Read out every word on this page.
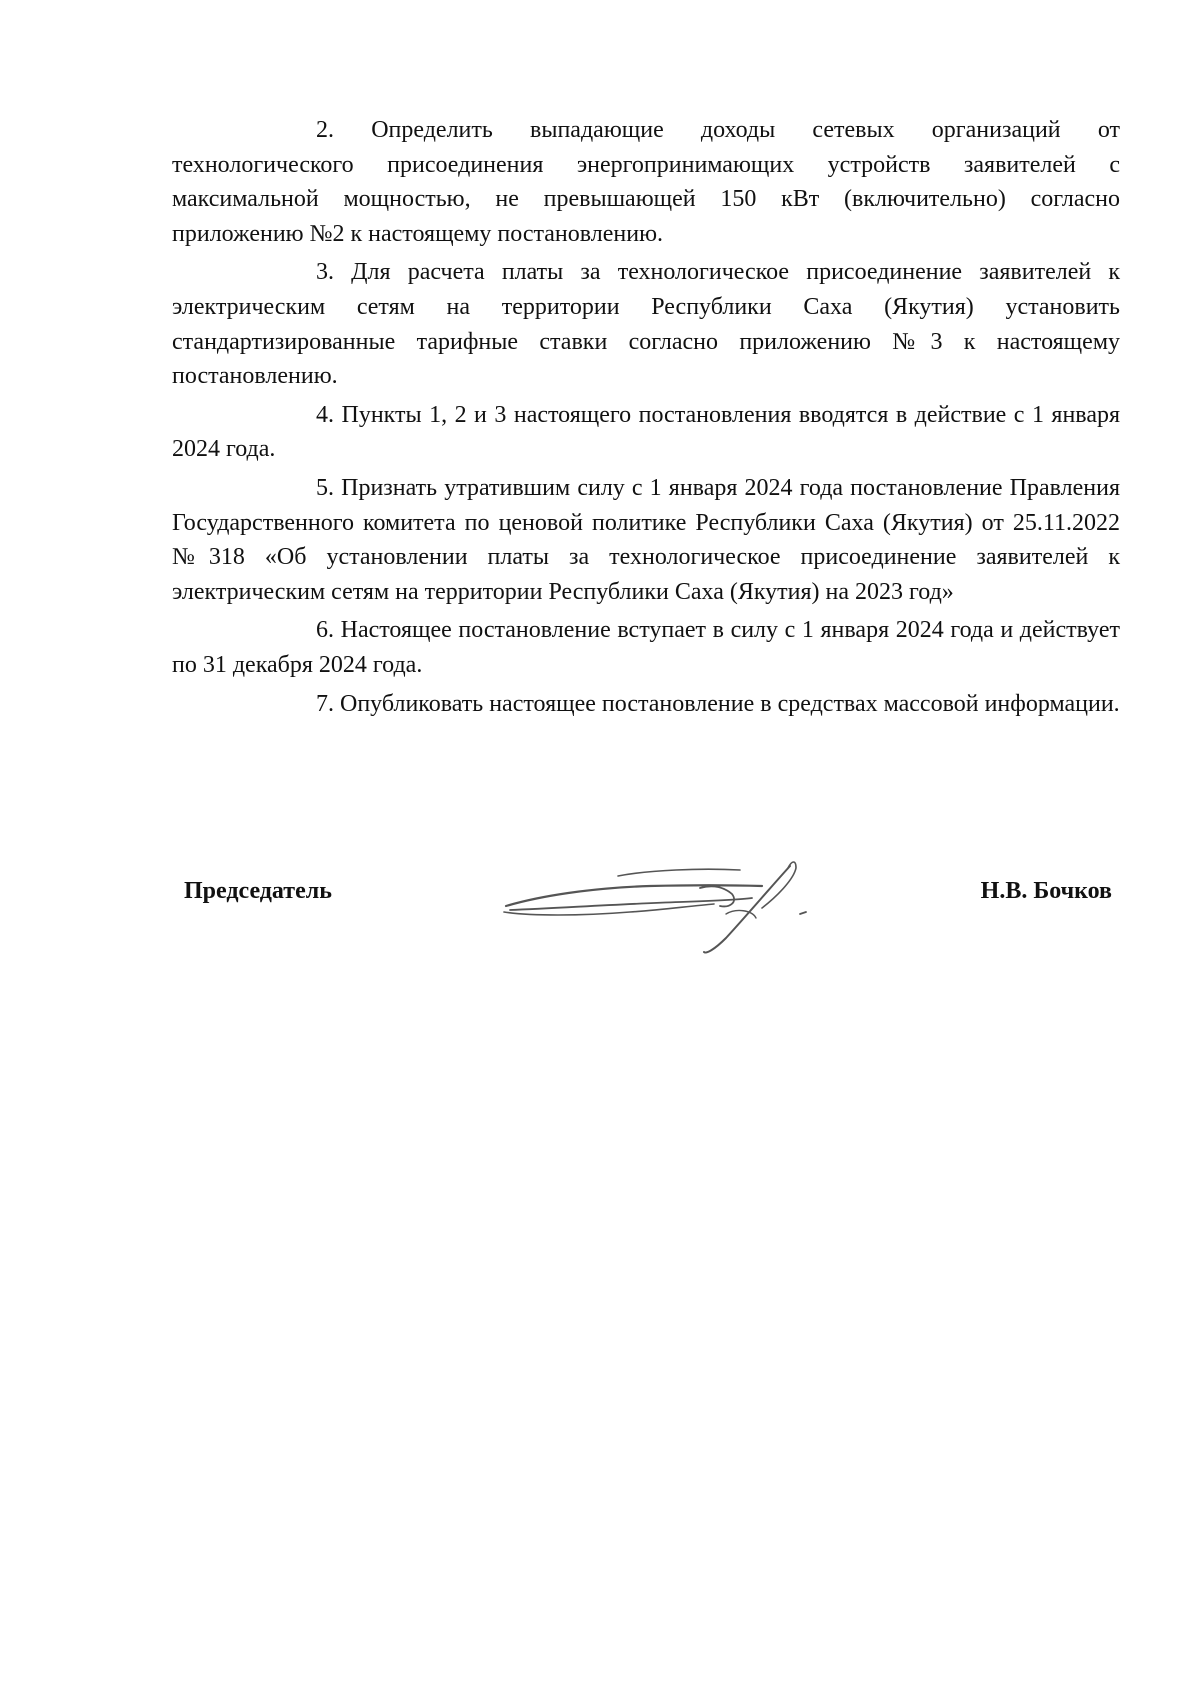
2. Определить выпадающие доходы сетевых организаций от технологического присоединения энергопринимающих устройств заявителей с максимальной мощностью, не превышающей 150 кВт (включительно) согласно приложению №2 к настоящему постановлению.

3. Для расчета платы за технологическое присоединение заявителей к электрическим сетям на территории Республики Саха (Якутия) установить стандартизированные тарифные ставки согласно приложению №3 к настоящему постановлению.

4. Пункты 1, 2 и 3 настоящего постановления вводятся в действие с 1 января 2024 года.

5. Признать утратившим силу с 1 января 2024 года постановление Правления Государственного комитета по ценовой политике Республики Саха (Якутия) от 25.11.2022 №318 «Об установлении платы за технологическое присоединение заявителей к электрическим сетям на территории Республики Саха (Якутия) на 2023 год»

6. Настоящее постановление вступает в силу с 1 января 2024 года и действует по 31 декабря 2024 года.

7. Опубликовать настоящее постановление в средствах массовой информации.

Председатель	Н.В. Бочков
